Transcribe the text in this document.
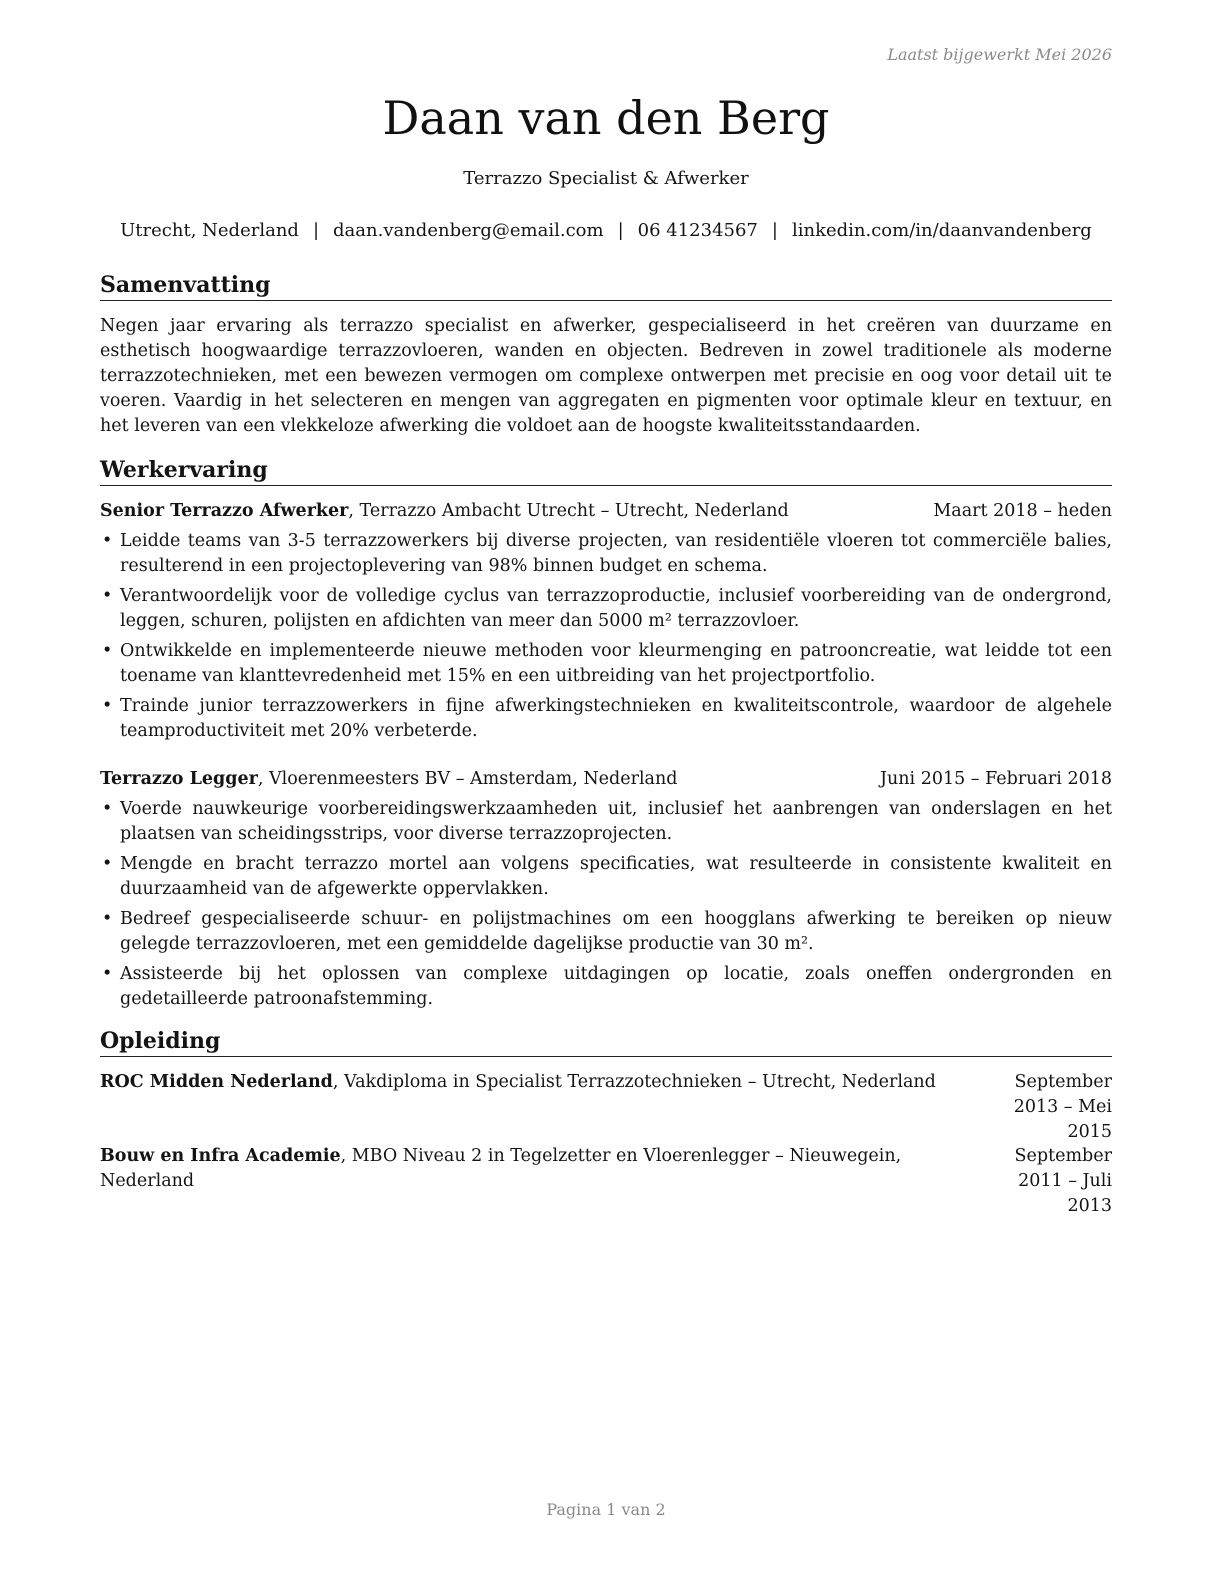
Laatst bijgewerkt Mei 2026
Daan van den Berg
Terrazzo Specialist & Afwerker
Utrecht, Nederland | daan.vandenberg@email.com | 06 41234567 | linkedin.com/in/daanvandenberg
Samenvatting
Negen jaar ervaring als terrazzo specialist en afwerker, gespecialiseerd in het creëren van duurzame en esthetisch hoogwaardige terrazzovloeren, wanden en objecten. Bedreven in zowel traditionele als moderne terrazzotechnieken, met een bewezen vermogen om complexe ontwerpen met precisie en oog voor detail uit te voeren. Vaardig in het selecteren en mengen van aggregaten en pigmenten voor optimale kleur en textuur, en het leveren van een vlekkeloze afwerking die voldoet aan de hoogste kwaliteitsstandaarden.
Werkervaring
Senior Terrazzo Afwerker, Terrazzo Ambacht Utrecht – Utrecht, Nederland	Maart 2018 – heden
• Leidde teams van 3-5 terrazzowerkers bij diverse projecten, van residentiële vloeren tot commerciële balies, resulterend in een projectoplevering van 98% binnen budget en schema.
• Verantwoordelijk voor de volledige cyclus van terrazzoproductie, inclusief voorbereiding van de ondergrond, leggen, schuren, polijsten en afdichten van meer dan 5000 m² terrazzovloer.
• Ontwikkelde en implementeerde nieuwe methoden voor kleurmenging en patrooncreatie, wat leidde tot een toename van klanttevredenheid met 15% en een uitbreiding van het projectportfolio.
• Trainde junior terrazzowerkers in fijne afwerkingstechnieken en kwaliteitscontrole, waardoor de algehele teamproductiviteit met 20% verbeterde.
Terrazzo Legger, Vloerenmeesters BV – Amsterdam, Nederland	Juni 2015 – Februari 2018
• Voerde nauwkeurige voorbereidingswerkzaamheden uit, inclusief het aanbrengen van onderslagen en het plaatsen van scheidingsstrips, voor diverse terrazzoprojecten.
• Mengde en bracht terrazzo mortel aan volgens specificaties, wat resulteerde in consistente kwaliteit en duurzaamheid van de afgewerkte oppervlakken.
• Bedreef gespecialiseerde schuur- en polijstmachines om een hoogglans afwerking te bereiken op nieuw gelegde terrazzovloeren, met een gemiddelde dagelijkse productie van 30 m².
• Assisteerde bij het oplossen van complexe uitdagingen op locatie, zoals oneffen ondergronden en gedetailleerde patroonafstemming.
Opleiding
ROC Midden Nederland, Vakdiploma in Specialist Terrazzotechnieken – Utrecht, Nederland	September 2013 – Mei 2015
Bouw en Infra Academie, MBO Niveau 2 in Tegelzetter en Vloerenlegger – Nieuwegein, Nederland
September 2011 – Juli 2013
Pagina 1 van 2
